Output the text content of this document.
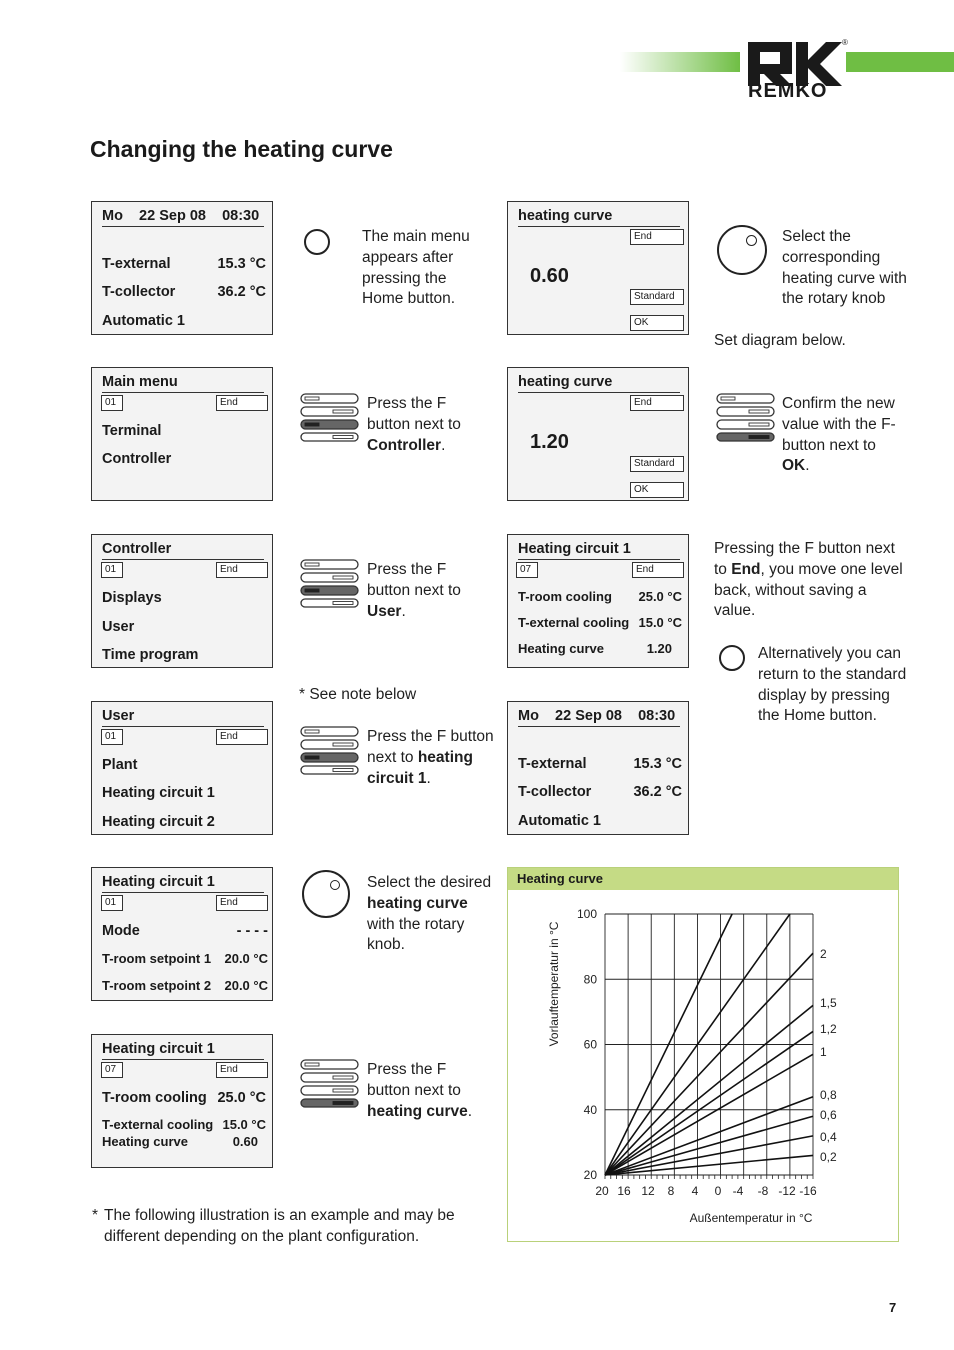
®
REMKO
Changing the heating curve
Mo    22 Sep 08    08:30
T-external	15.3 °C
T-collector	36.2 °C
Automatic 1
Main menu
01	End
Terminal
Controller
Controller
01	End
Displays
User
Time program
User
01	End
Plant
Heating circuit 1
Heating circuit 2
Heating circuit 1
01	End
Mode	- - - -
T-room setpoint 1 20.0 °C
T-room setpoint 2 20.0 °C
Heating circuit 1
07	End
T-room cooling 25.0 °C
T-external cooling 15.0 °C
Heating curve	0.60
The main menu appears after pressing the Home button.
Press the F button next to Controller.
Press the F button next to User.
* See note below
Press the F button next to heating circuit 1.
Select the desired heating curve with the rotary knob.
Press the F button next to heating curve.
* The following illustration is an example and may be different depending on the plant configuration.
heating curve
End
0.60
Standard
OK
heating curve
End
1.20
Standard
OK
Heating circuit 1
07	End
T-room cooling 25.0 °C
T-external cooling 15.0 °C
Heating curve	1.20
Mo    22 Sep 08    08:30
T-external	15.3 °C
T-collector	36.2 °C
Automatic 1
Select the corresponding heating curve with the rotary knob
Set diagram below.
Confirm the new value with the F-button next to OK.
Pressing the F button next to End, you move one level back, without saving a value.
Alternatively you can return to the standard display by pressing the Home button.
Heating curve
20 16 12 8 4 0 -4 -8 -12 -16
100
80
60
40
20
0,2
0,4
0,6
0,8
1
1,2
1,5
2
Außentemperatur in °C
Vorlauftemperatur in °C
7
